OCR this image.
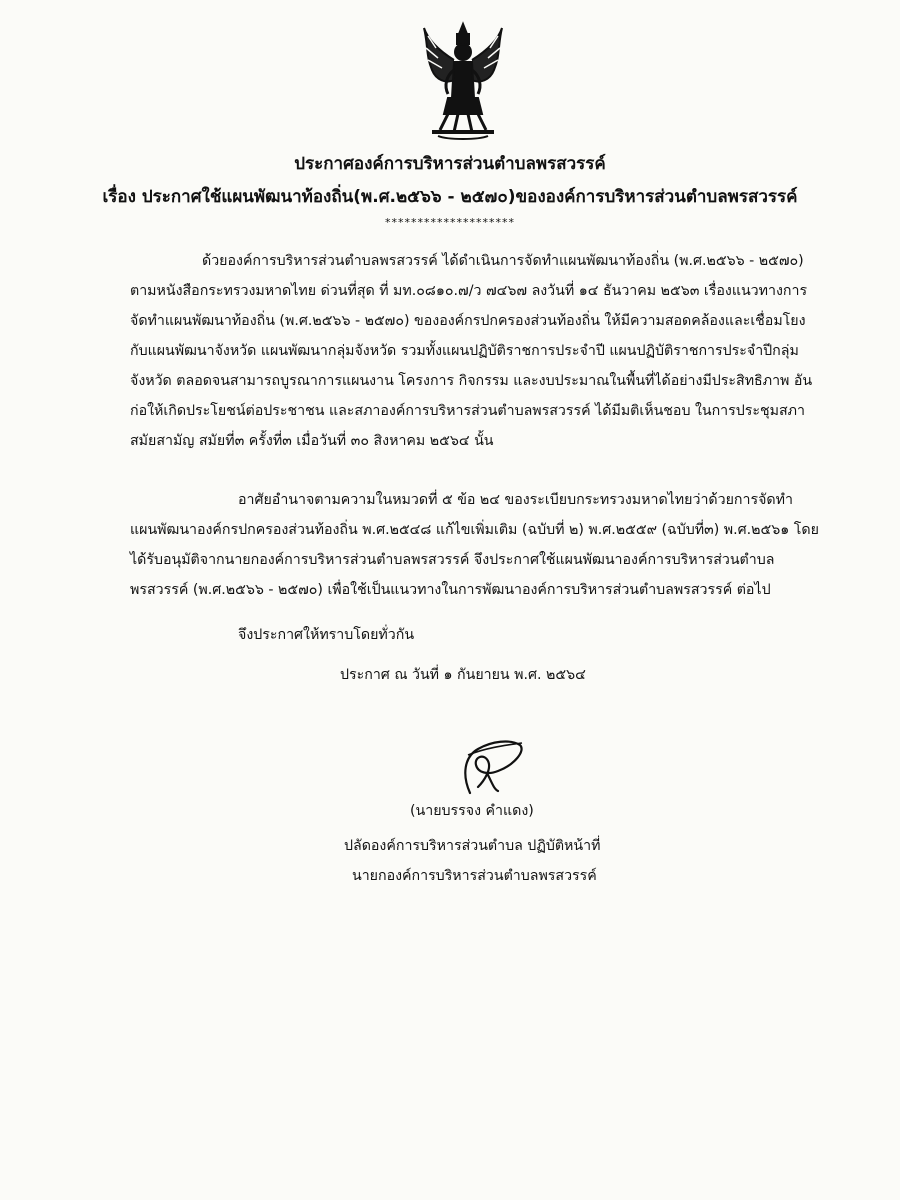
ประกาศองค์การบริหารส่วนตำบลพรสวรรค์
เรื่อง ประกาศใช้แผนพัฒนาท้องถิ่น(พ.ศ.๒๕๖๖ - ๒๕๗๐)ขององค์การบริหารส่วนตำบลพรสวรรค์
********************
ด้วยองค์การบริหารส่วนตำบลพรสวรรค์ ได้ดำเนินการจัดทำแผนพัฒนาท้องถิ่น (พ.ศ.๒๕๖๖ - ๒๕๗๐)
ตามหนังสือกระทรวงมหาดไทย ด่วนที่สุด ที่ มท.๐๘๑๐.๗/ว ๗๔๖๗ ลงวันที่ ๑๔ ธันวาคม ๒๕๖๓ เรื่องแนวทางการ
จัดทำแผนพัฒนาท้องถิ่น (พ.ศ.๒๕๖๖ - ๒๕๗๐) ขององค์กรปกครองส่วนท้องถิ่น ให้มีความสอดคล้องและเชื่อมโยง
กับแผนพัฒนาจังหวัด แผนพัฒนากลุ่มจังหวัด รวมทั้งแผนปฏิบัติราชการประจำปี แผนปฏิบัติราชการประจำปีกลุ่ม
จังหวัด ตลอดจนสามารถบูรณาการแผนงาน โครงการ กิจกรรม และงบประมาณในพื้นที่ได้อย่างมีประสิทธิภาพ อัน
ก่อให้เกิดประโยชน์ต่อประชาชน และสภาองค์การบริหารส่วนตำบลพรสวรรค์ ได้มีมติเห็นชอบ ในการประชุมสภา
สมัยสามัญ สมัยที่๓ ครั้งที่๓ เมื่อวันที่ ๓๐ สิงหาคม ๒๕๖๔ นั้น
อาศัยอำนาจตามความในหมวดที่ ๕ ข้อ ๒๔ ของระเบียบกระทรวงมหาดไทยว่าด้วยการจัดทำ
แผนพัฒนาองค์กรปกครองส่วนท้องถิ่น พ.ศ.๒๕๔๘ แก้ไขเพิ่มเติม (ฉบับที่ ๒) พ.ศ.๒๕๕๙ (ฉบับที่๓) พ.ศ.๒๕๖๑ โดย
ได้รับอนุมัติจากนายกองค์การบริหารส่วนตำบลพรสวรรค์ จึงประกาศใช้แผนพัฒนาองค์การบริหารส่วนตำบล
พรสวรรค์ (พ.ศ.๒๕๖๖ - ๒๕๗๐) เพื่อใช้เป็นแนวทางในการพัฒนาองค์การบริหารส่วนตำบลพรสวรรค์ ต่อไป
จึงประกาศให้ทราบโดยทั่วกัน
ประกาศ ณ วันที่ ๑ กันยายน พ.ศ. ๒๕๖๔
(นายบรรจง คำแดง)
ปลัดองค์การบริหารส่วนตำบล ปฏิบัติหน้าที่
นายกองค์การบริหารส่วนตำบลพรสวรรค์
